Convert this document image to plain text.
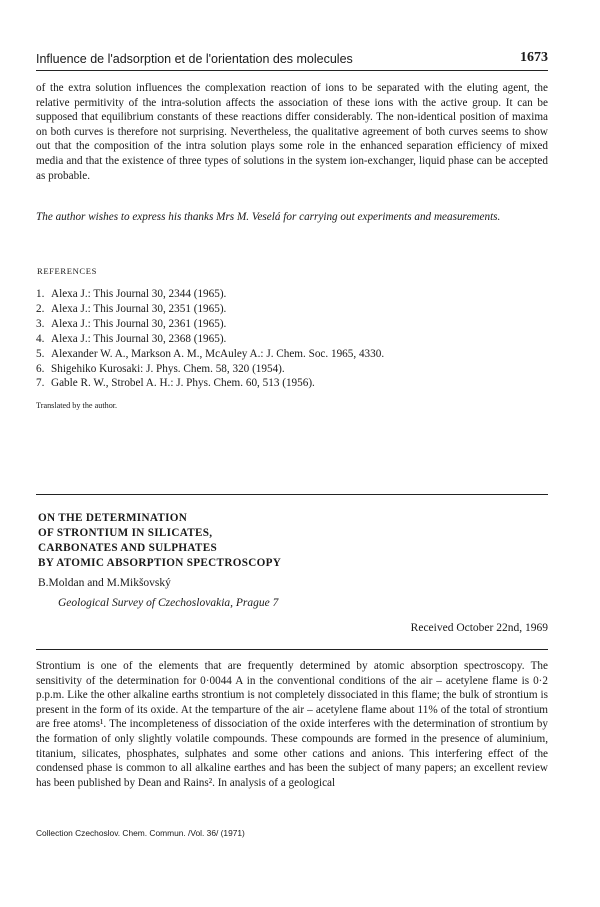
Influence de l'adsorption et de l'orientation des molecules	1673

of the extra solution influences the complexation reaction of ions to be separated with the eluting agent, the relative permitivity of the intra-solution affects the association of these ions with the active group. It can be supposed that equilibrium constants of these reactions differ considerably. The non-identical position of maxima on both curves is therefore not surprising. Nevertheless, the qualitative agreement of both curves seems to show out that the composition of the intra solution plays some role in the enhanced separation efficiency of mixed media and that the existence of three types of solutions in the system ion-exchanger, liquid phase can be accepted as probable.

The author wishes to express his thanks Mrs M. Veselá for carrying out experiments and measurements.

REFERENCES
1. Alexa J.: This Journal 30, 2344 (1965).
2. Alexa J.: This Journal 30, 2351 (1965).
3. Alexa J.: This Journal 30, 2361 (1965).
4. Alexa J.: This Journal 30, 2368 (1965).
5. Alexander W. A., Markson A. M., McAuley A.: J. Chem. Soc. 1965, 4330.
6. Shigehiko Kurosaki: J. Phys. Chem. 58, 320 (1954).
7. Gable R. W., Strobel A. H.: J. Phys. Chem. 60, 513 (1956).
Translated by the author.
ON THE DETERMINATION
OF STRONTIUM IN SILICATES,
CARBONATES AND SULPHATES
BY ATOMIC ABSORPTION SPECTROSCOPY
B.Moldan and M.Mikšovský
Geological Survey of Czechoslovakia, Prague 7
Received October 22nd, 1969

Strontium is one of the elements that are frequently determined by atomic absorption spectroscopy. The sensitivity of the determination for 0·0044 A in the conventional conditions of the air – acetylene flame is 0·2 p.p.m. Like the other alkaline earths strontium is not completely dissociated in this flame; the bulk of strontium is present in the form of its oxide. At the temparture of the air – acetylene flame about 11% of the total of strontium are free atoms¹. The incompleteness of dissociation of the oxide interferes with the determination of strontium by the formation of only slightly volatile compounds. These compounds are formed in the presence of aluminium, titanium, silicates, phosphates, sulphates and some other cations and anions. This interfering effect of the condensed phase is common to all alkaline earthes and has been the subject of many papers; an excellent review has been published by Dean and Rains². In analysis of a geological

Collection Czechoslov. Chem. Commun. /Vol. 36/ (1971)
